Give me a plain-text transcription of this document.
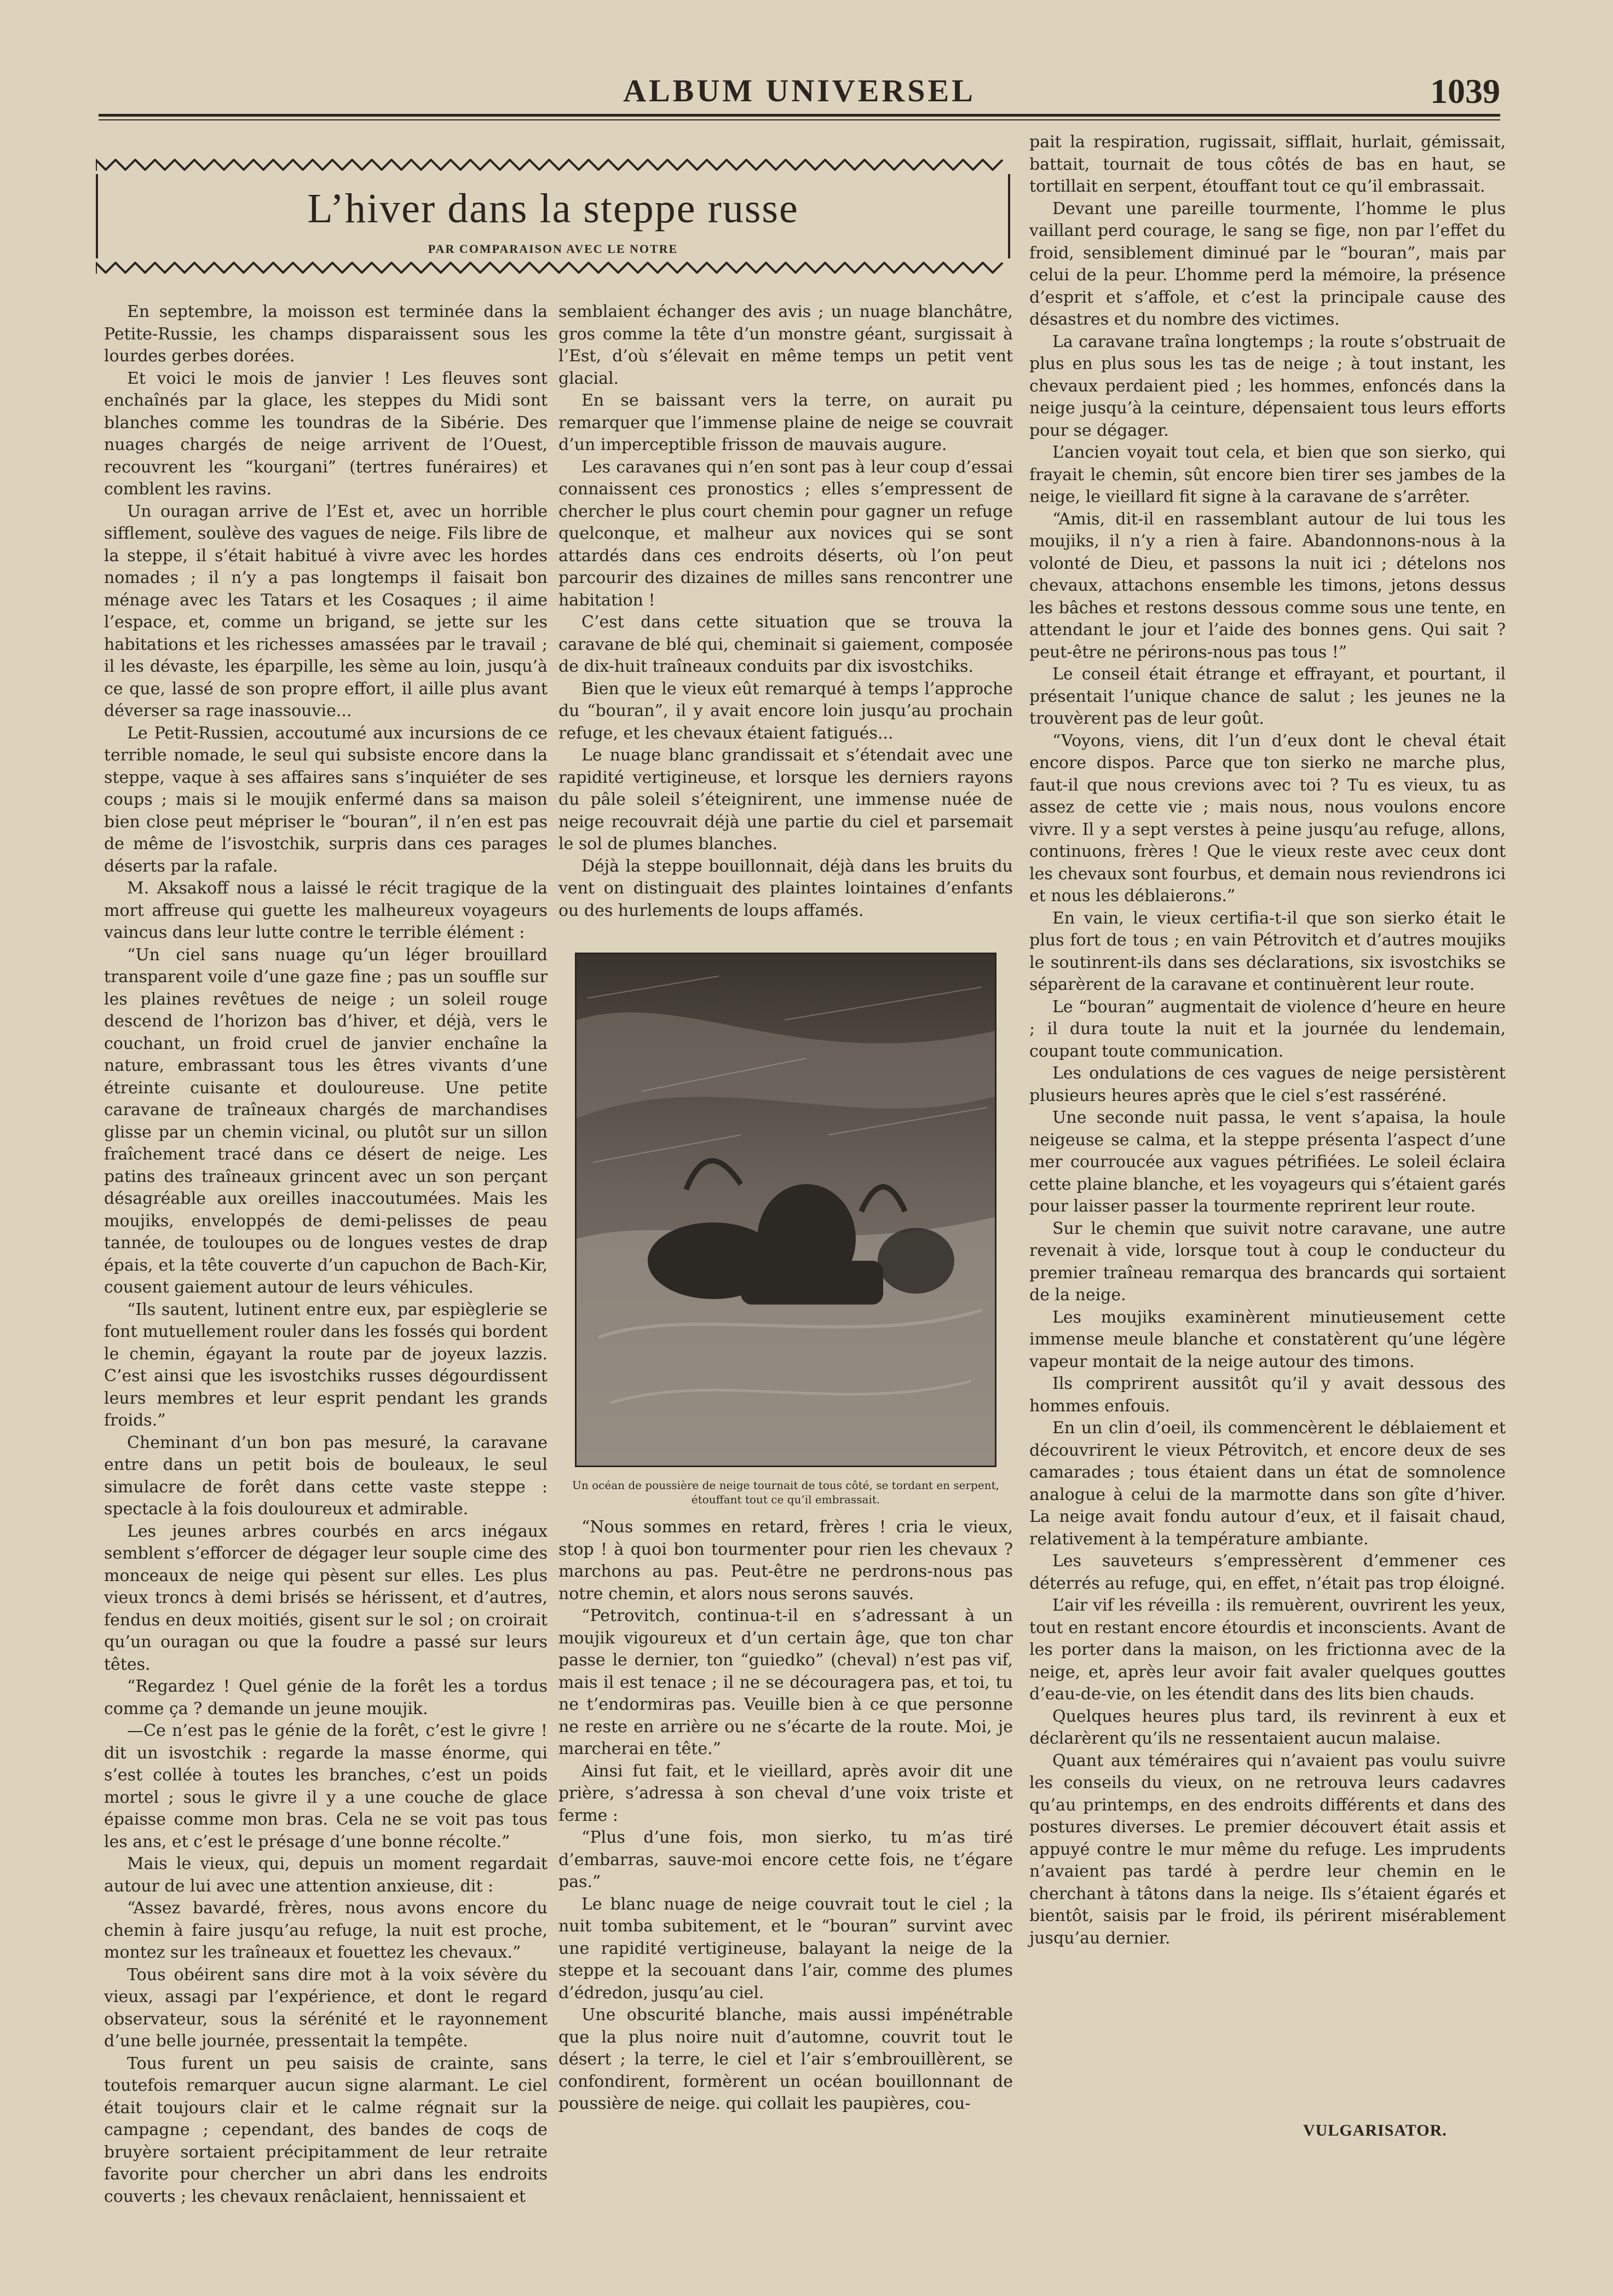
ALBUM UNIVERSEL	1039
L’hiver dans la steppe russe
PAR COMPARAISON AVEC LE NOTRE

En septembre, la moisson est terminée dans la Petite-Russie, les champs disparaissent sous les lourdes gerbes dorées.

Et voici le mois de janvier ! Les fleuves sont enchaînés par la glace, les steppes du Midi sont blanches comme les toundras de la Sibérie. Des nuages chargés de neige arrivent de l’Ouest, recouvrent les “kourgani” (tertres funéraires) et comblent les ravins.

Un ouragan arrive de l’Est et, avec un horrible sifflement, soulève des vagues de neige. Fils libre de la steppe, il s’était habitué à vivre avec les hordes nomades ; il n’y a pas longtemps il faisait bon ménage avec les Tatars et les Cosaques ; il aime l’espace, et, comme un brigand, se jette sur les habitations et les richesses amassées par le travail ; il les dévaste, les éparpille, les sème au loin, jusqu’à ce que, lassé de son propre effort, il aille plus avant déverser sa rage inassouvie...

Le Petit-Russien, accoutumé aux incursions de ce terrible nomade, le seul qui subsiste encore dans la steppe, vaque à ses affaires sans s’inquiéter de ses coups ; mais si le moujik enfermé dans sa maison bien close peut mépriser le “bouran”, il n’en est pas de même de l’isvostchik, surpris dans ces parages déserts par la rafale.

M. Aksakoff nous a laissé le récit tragique de la mort affreuse qui guette les malheureux voyageurs vaincus dans leur lutte contre le terrible élément :

“Un ciel sans nuage qu’un léger brouillard transparent voile d’une gaze fine ; pas un souffle sur les plaines revêtues de neige ; un soleil rouge descend de l’horizon bas d’hiver, et déjà, vers le couchant, un froid cruel de janvier enchaîne la nature, embrassant tous les êtres vivants d’une étreinte cuisante et douloureuse. Une petite caravane de traîneaux chargés de marchandises glisse par un chemin vicinal, ou plutôt sur un sillon fraîchement tracé dans ce désert de neige. Les patins des traîneaux grincent avec un son perçant désagréable aux oreilles inaccoutumées. Mais les moujiks, enveloppés de demi-pelisses de peau tannée, de touloupes ou de longues vestes de drap épais, et la tête couverte d’un capuchon de Bach-Kir, cousent gaiement autour de leurs véhicules.

“Ils sautent, lutinent entre eux, par espièglerie se font mutuellement rouler dans les fossés qui bordent le chemin, égayant la route par de joyeux lazzis. C’est ainsi que les isvostchiks russes dégourdissent leurs membres et leur esprit pendant les grands froids.”

Cheminant d’un bon pas mesuré, la caravane entre dans un petit bois de bouleaux, le seul simulacre de forêt dans cette vaste steppe : spectacle à la fois douloureux et admirable.

Les jeunes arbres courbés en arcs inégaux semblent s’efforcer de dégager leur souple cime des monceaux de neige qui pèsent sur elles. Les plus vieux troncs à demi brisés se hérissent, et d’autres, fendus en deux moitiés, gisent sur le sol ; on croirait qu’un ouragan ou que la foudre a passé sur leurs têtes.

“Regardez ! Quel génie de la forêt les a tordus comme ça ? demande un jeune moujik.

—Ce n’est pas le génie de la forêt, c’est le givre ! dit un isvostchik : regarde la masse énorme, qui s’est collée à toutes les branches, c’est un poids mortel ; sous le givre il y a une couche de glace épaisse comme mon bras. Cela ne se voit pas tous les ans, et c’est le présage d’une bonne récolte.”

Mais le vieux, qui, depuis un moment regardait autour de lui avec une attention anxieuse, dit :

“Assez bavardé, frères, nous avons encore du chemin à faire jusqu’au refuge, la nuit est proche, montez sur les traîneaux et fouettez les chevaux.”

Tous obéirent sans dire mot à la voix sévère du vieux, assagi par l’expérience, et dont le regard observateur, sous la sérénité et le rayonnement d’une belle journée, pressentait la tempête.

Tous furent un peu saisis de crainte, sans toutefois remarquer aucun signe alarmant. Le ciel était toujours clair et le calme régnait sur la campagne ; cependant, des bandes de coqs de bruyère sortaient précipitamment de leur retraite favorite pour chercher un abri dans les endroits couverts ; les chevaux renâclaient, hennissaient et

semblaient échanger des avis ; un nuage blanchâtre, gros comme la tête d’un monstre géant, surgissait à l’Est, d’où s’élevait en même temps un petit vent glacial.

En se baissant vers la terre, on aurait pu remarquer que l’immense plaine de neige se couvrait d’un imperceptible frisson de mauvais augure.

Les caravanes qui n’en sont pas à leur coup d’essai connaissent ces pronostics ; elles s’empressent de chercher le plus court chemin pour gagner un refuge quelconque, et malheur aux novices qui se sont attardés dans ces endroits déserts, où l’on peut parcourir des dizaines de milles sans rencontrer une habitation !

C’est dans cette situation que se trouva la caravane de blé qui, cheminait si gaiement, composée de dix-huit traîneaux conduits par dix isvostchiks.

Bien que le vieux eût remarqué à temps l’approche du “bouran”, il y avait encore loin jusqu’au prochain refuge, et les chevaux étaient fatigués...

Le nuage blanc grandissait et s’étendait avec une rapidité vertigineuse, et lorsque les derniers rayons du pâle soleil s’éteignirent, une immense nuée de neige recouvrait déjà une partie du ciel et parsemait le sol de plumes blanches.

Déjà la steppe bouillonnait, déjà dans les bruits du vent on distinguait des plaintes lointaines d’enfants ou des hurlements de loups affamés.

Un océan de poussière de neige tournait de tous côté, se tordant en serpent, étouffant tout ce qu’il embrassait.

“Nous sommes en retard, frères ! cria le vieux, stop ! à quoi bon tourmenter pour rien les chevaux ? marchons au pas. Peut-être ne perdrons-nous pas notre chemin, et alors nous serons sauvés.

“Petrovitch, continua-t-il en s’adressant à un moujik vigoureux et d’un certain âge, que ton char passe le dernier, ton “guiedko” (cheval) n’est pas vif, mais il est tenace ; il ne se découragera pas, et toi, tu ne t’endormiras pas. Veuille bien à ce que personne ne reste en arrière ou ne s’écarte de la route. Moi, je marcherai en tête.”

Ainsi fut fait, et le vieillard, après avoir dit une prière, s’adressa à son cheval d’une voix triste et ferme :

“Plus d’une fois, mon sierko, tu m’as tiré d’embarras, sauve-moi encore cette fois, ne t’égare pas.”

Le blanc nuage de neige couvrait tout le ciel ; la nuit tomba subitement, et le “bouran” survint avec une rapidité vertigineuse, balayant la neige de la steppe et la secouant dans l’air, comme des plumes d’édredon, jusqu’au ciel.

Une obscurité blanche, mais aussi impénétrable que la plus noire nuit d’automne, couvrit tout le désert ; la terre, le ciel et l’air s’embrouillèrent, se confondirent, formèrent un océan bouillonnant de poussière de neige. qui collait les paupières, cou-

pait la respiration, rugissait, sifflait, hurlait, gémissait, battait, tournait de tous côtés de bas en haut, se tortillait en serpent, étouffant tout ce qu’il embrassait.

Devant une pareille tourmente, l’homme le plus vaillant perd courage, le sang se fige, non par l’effet du froid, sensiblement diminué par le “bouran”, mais par celui de la peur. L’homme perd la mémoire, la présence d’esprit et s’affole, et c’est la principale cause des désastres et du nombre des victimes.

La caravane traîna longtemps ; la route s’obstruait de plus en plus sous les tas de neige ; à tout instant, les chevaux perdaient pied ; les hommes, enfoncés dans la neige jusqu’à la ceinture, dépensaient tous leurs efforts pour se dégager.

L’ancien voyait tout cela, et bien que son sierko, qui frayait le chemin, sût encore bien tirer ses jambes de la neige, le vieillard fit signe à la caravane de s’arrêter.

“Amis, dit-il en rassemblant autour de lui tous les moujiks, il n’y a rien à faire. Abandonnons-nous à la volonté de Dieu, et passons la nuit ici ; dételons nos chevaux, attachons ensemble les timons, jetons dessus les bâches et restons dessous comme sous une tente, en attendant le jour et l’aide des bonnes gens. Qui sait ? peut-être ne périrons-nous pas tous !”

Le conseil était étrange et effrayant, et pourtant, il présentait l’unique chance de salut ; les jeunes ne la trouvèrent pas de leur goût.

“Voyons, viens, dit l’un d’eux dont le cheval était encore dispos. Parce que ton sierko ne marche plus, faut-il que nous crevions avec toi ? Tu es vieux, tu as assez de cette vie ; mais nous, nous voulons encore vivre. Il y a sept verstes à peine jusqu’au refuge, allons, continuons, frères ! Que le vieux reste avec ceux dont les chevaux sont fourbus, et demain nous reviendrons ici et nous les déblaierons.”

En vain, le vieux certifia-t-il que son sierko était le plus fort de tous ; en vain Pétrovitch et d’autres moujiks le soutinrent-ils dans ses déclarations, six isvostchiks se séparèrent de la caravane et continuèrent leur route.

Le “bouran” augmentait de violence d’heure en heure ; il dura toute la nuit et la journée du lendemain, coupant toute communication.

Les ondulations de ces vagues de neige persistèrent plusieurs heures après que le ciel s’est rasséréné.

Une seconde nuit passa, le vent s’apaisa, la houle neigeuse se calma, et la steppe présenta l’aspect d’une mer courroucée aux vagues pétrifiées. Le soleil éclaira cette plaine blanche, et les voyageurs qui s’étaient garés pour laisser passer la tourmente reprirent leur route.

Sur le chemin que suivit notre caravane, une autre revenait à vide, lorsque tout à coup le conducteur du premier traîneau remarqua des brancards qui sortaient de la neige.

Les moujiks examinèrent minutieusement cette immense meule blanche et constatèrent qu’une légère vapeur montait de la neige autour des timons.

Ils comprirent aussitôt qu’il y avait dessous des hommes enfouis.

En un clin d’oeil, ils commencèrent le déblaiement et découvrirent le vieux Pétrovitch, et encore deux de ses camarades ; tous étaient dans un état de somnolence analogue à celui de la marmotte dans son gîte d’hiver. La neige avait fondu autour d’eux, et il faisait chaud, relativement à la température ambiante.

Les sauveteurs s’empressèrent d’emmener ces déterrés au refuge, qui, en effet, n’était pas trop éloigné.

L’air vif les réveilla : ils remuèrent, ouvrirent les yeux, tout en restant encore étourdis et inconscients. Avant de les porter dans la maison, on les frictionna avec de la neige, et, après leur avoir fait avaler quelques gouttes d’eau-de-vie, on les étendit dans des lits bien chauds.

Quelques heures plus tard, ils revinrent à eux et déclarèrent qu’ils ne ressentaient aucun malaise.

Quant aux téméraires qui n’avaient pas voulu suivre les conseils du vieux, on ne retrouva leurs cadavres qu’au printemps, en des endroits différents et dans des postures diverses. Le premier découvert était assis et appuyé contre le mur même du refuge. Les imprudents n’avaient pas tardé à perdre leur chemin en le cherchant à tâtons dans la neige. Ils s’étaient égarés et bientôt, saisis par le froid, ils périrent misérablement jusqu’au dernier.

VULGARISATOR.
